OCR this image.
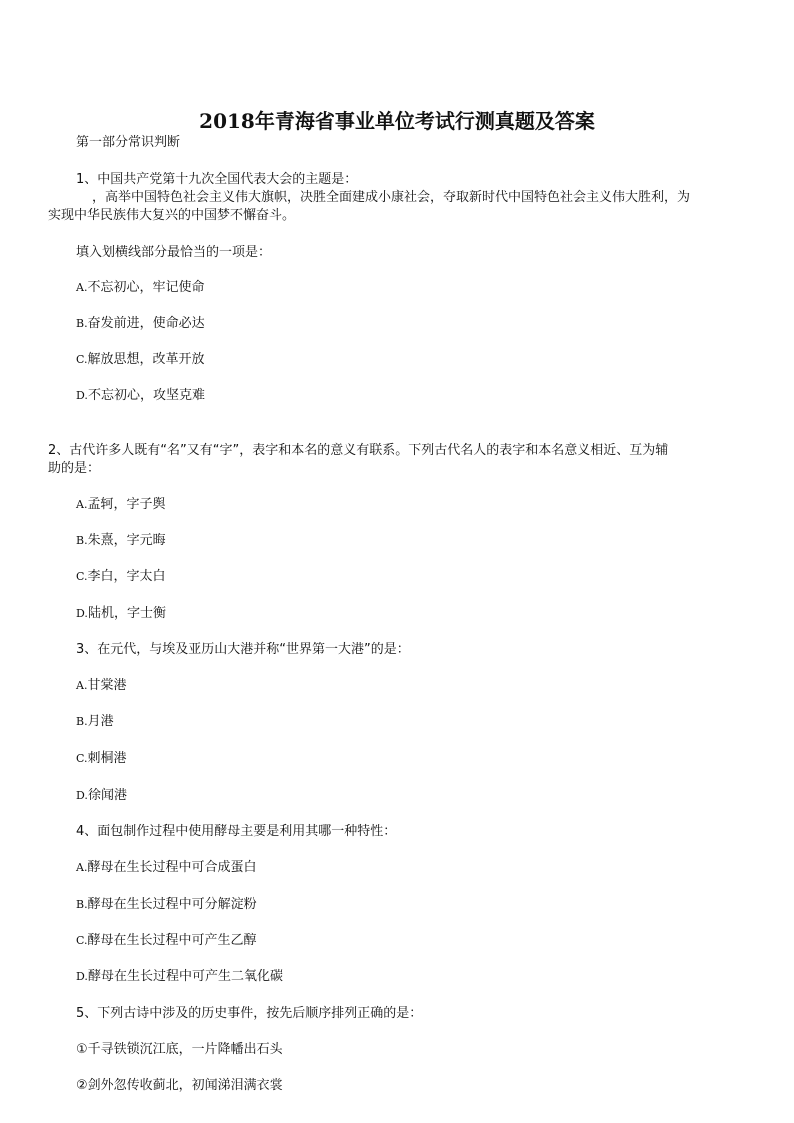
2018年青海省事业单位考试行测真题及答案
第一部分常识判断
1、中国共产党第十九次全国代表大会的主题是：
，高举中国特色社会主义伟大旗帜，决胜全面建成小康社会，夺取新时代中国特色社会主义伟大胜利，为
实现中华民族伟大复兴的中国梦不懈奋斗。
填入划横线部分最恰当的一项是：
A.不忘初心，牢记使命
B.奋发前进，使命必达
C.解放思想，改革开放
D.不忘初心，攻坚克难
2、古代许多人既有“名”又有“字”，表字和本名的意义有联系。下列古代名人的表字和本名意义相近、互为辅
助的是：
A.孟轲，字子舆
B.朱熹，字元晦
C.李白，字太白
D.陆机，字士衡
3、在元代，与埃及亚历山大港并称“世界第一大港”的是：
A.甘棠港
B.月港
C.刺桐港
D.徐闻港
4、面包制作过程中使用酵母主要是利用其哪一种特性：
A.酵母在生长过程中可合成蛋白
B.酵母在生长过程中可分解淀粉
C.酵母在生长过程中可产生乙醇
D.酵母在生长过程中可产生二氧化碳
5、下列古诗中涉及的历史事件，按先后顺序排列正确的是：
①千寻铁锁沉江底，一片降幡出石头
②剑外忽传收蓟北，初闻涕泪满衣裳
